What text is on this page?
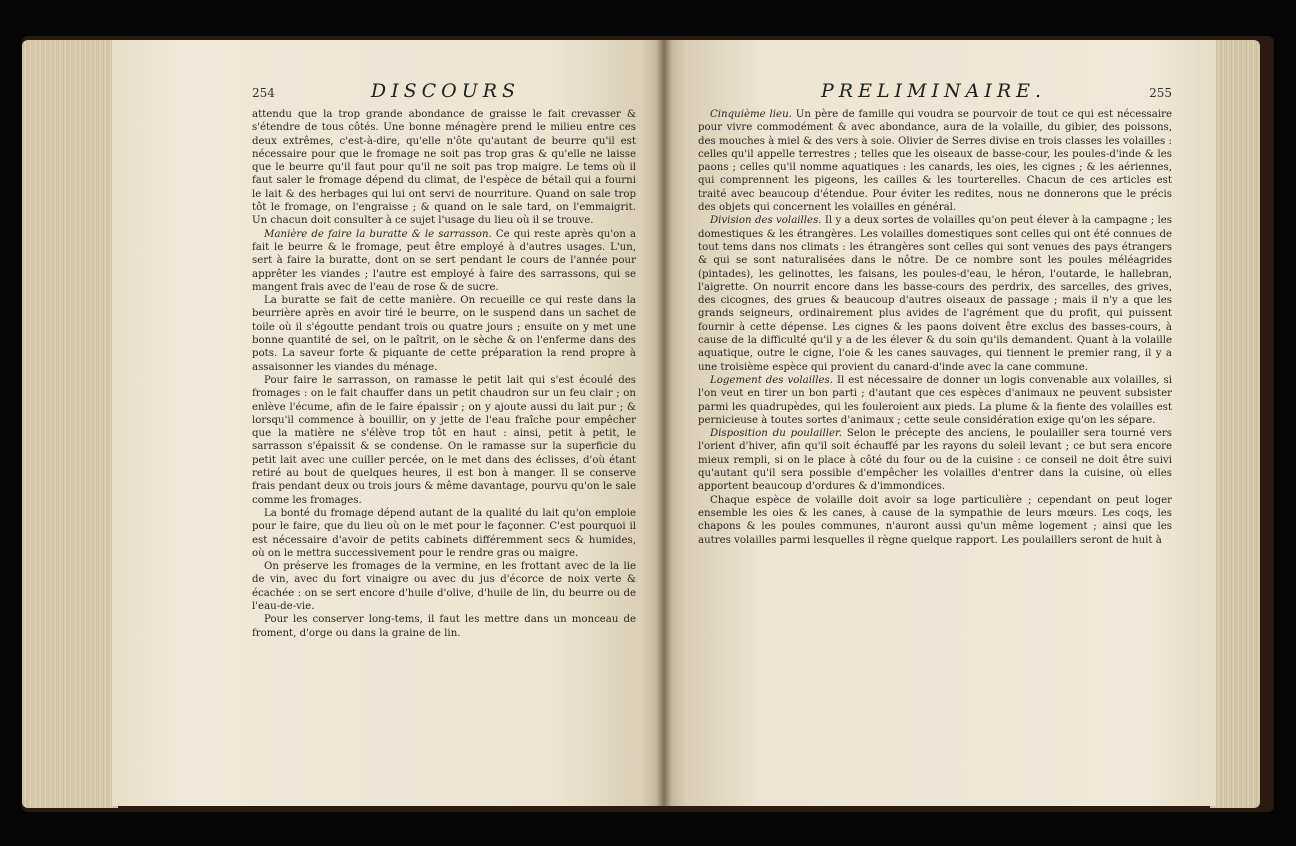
254	DISCOURS

attendu que la trop grande abondance de graisse le fait crevasser & s'étendre de tous côtés. Une bonne ménagère prend le milieu entre ces deux extrêmes, c'est-à-dire, qu'elle n'ôte qu'autant de beurre qu'il est nécessaire pour que le fromage ne soit pas trop gras & qu'elle ne laisse que le beurre qu'il faut pour qu'il ne soit pas trop maigre. Le tems où il faut saler le fromage dépend du climat, de l'espèce de bétail qui a fourni le lait & des herbages qui lui ont servi de nourriture. Quand on sale trop tôt le fromage, on l'engraisse ; & quand on le sale tard, on l'emmaigrit. Un chacun doit consulter à ce sujet l'usage du lieu où il se trouve.

Manière de faire la buratte & le sarrasson. Ce qui reste après qu'on a fait le beurre & le fromage, peut être employé à d'autres usages. L'un, sert à faire la buratte, dont on se sert pendant le cours de l'année pour apprêter les viandes ; l'autre est employé à faire des sarrassons, qui se mangent frais avec de l'eau de rose & de sucre.

La buratte se fait de cette manière. On recueille ce qui reste dans la beurrière après en avoir tiré le beurre, on le suspend dans un sachet de toile où il s'égoutte pendant trois ou quatre jours ; ensuite on y met une bonne quantité de sel, on le paîtrit, on le sèche & on l'enferme dans des pots. La saveur forte & piquante de cette préparation la rend propre à assaisonner les viandes du ménage.

Pour faire le sarrasson, on ramasse le petit lait qui s'est écoulé des fromages : on le fait chauffer dans un petit chaudron sur un feu clair ; on enlève l'écume, afin de le faire épaissir ; on y ajoute aussi du lait pur ; & lorsqu'il commence à bouillir, on y jette de l'eau fraîche pour empêcher que la matière ne s'élève trop tôt en haut : ainsi, petit à petit, le sarrasson s'épaissit & se condense. On le ramasse sur la superficie du petit lait avec une cuiller percée, on le met dans des éclisses, d'où étant retiré au bout de quelques heures, il est bon à manger. Il se conserve frais pendant deux ou trois jours & même davantage, pourvu qu'on le sale comme les fromages.

La bonté du fromage dépend autant de la qualité du lait qu'on emploie pour le faire, que du lieu où on le met pour le façonner. C'est pourquoi il est nécessaire d'avoir de petits cabinets différemment secs & humides, où on le mettra successivement pour le rendre gras ou maigre.

On préserve les fromages de la vermine, en les frottant avec de la lie de vin, avec du fort vinaigre ou avec du jus d'écorce de noix verte & écachée : on se sert encore d'huile d'olive, d'huile de lin, du beurre ou de l'eau-de-vie.

Pour les conserver long-tems, il faut les mettre dans un monceau de froment, d'orge ou dans la graine de lin.

PRELIMINAIRE.	255

Cinquième lieu. Un père de famille qui voudra se pourvoir de tout ce qui est nécessaire pour vivre commodément & avec abondance, aura de la volaille, du gibier, des poissons, des mouches à miel & des vers à soie. Olivier de Serres divise en trois classes les volailles : celles qu'il appelle terrestres ; telles que les oiseaux de basse-cour, les poules-d'inde & les paons ; celles qu'il nomme aquatiques : les canards, les oies, les cignes ; & les aériennes, qui comprennent les pigeons, les cailles & les tourterelles. Chacun de ces articles est traité avec beaucoup d'étendue. Pour éviter les redites, nous ne donnerons que le précis des objets qui concernent les volailles en général.

Division des volailles. Il y a deux sortes de volailles qu'on peut élever à la campagne ; les domestiques & les étrangères. Les volailles domestiques sont celles qui ont été connues de tout tems dans nos climats : les étrangères sont celles qui sont venues des pays étrangers & qui se sont naturalisées dans le nôtre. De ce nombre sont les poules méléagrides (pintades), les gelinottes, les faisans, les poules-d'eau, le héron, l'outarde, le hallebran, l'aigrette. On nourrit encore dans les basse-cours des perdrix, des sarcelles, des grives, des cicognes, des grues & beaucoup d'autres oiseaux de passage ; mais il n'y a que les grands seigneurs, ordinairement plus avides de l'agrément que du profit, qui puissent fournir à cette dépense. Les cignes & les paons doivent être exclus des basses-cours, à cause de la difficulté qu'il y a de les élever & du soin qu'ils demandent. Quant à la volaille aquatique, outre le cigne, l'oie & les canes sauvages, qui tiennent le premier rang, il y a une troisième espèce qui provient du canard-d'inde avec la cane commune.

Logement des volailles. Il est nécessaire de donner un logis convenable aux volailles, si l'on veut en tirer un bon parti ; d'autant que ces espèces d'animaux ne peuvent subsister parmi les quadrupèdes, qui les fouleroient aux pieds. La plume & la fiente des volailles est pernicieuse à toutes sortes d'animaux ; cette seule considération exige qu'on les sépare.

Disposition du poulailler. Selon le précepte des anciens, le poulailler sera tourné vers l'orient d'hiver, afin qu'il soit échauffé par les rayons du soleil levant ; ce but sera encore mieux rempli, si on le place à côté du four ou de la cuisine : ce conseil ne doit être suivi qu'autant qu'il sera possible d'empêcher les volailles d'entrer dans la cuisine, où elles apportent beaucoup d'ordures & d'immondices.

Chaque espèce de volaille doit avoir sa loge particulière ; cependant on peut loger ensemble les oies & les canes, à cause de la sympathie de leurs mœurs. Les coqs, les chapons & les poules communes, n'auront aussi qu'un même logement ; ainsi que les autres volailles parmi lesquelles il règne quelque rapport. Les poulaillers seront de huit à
